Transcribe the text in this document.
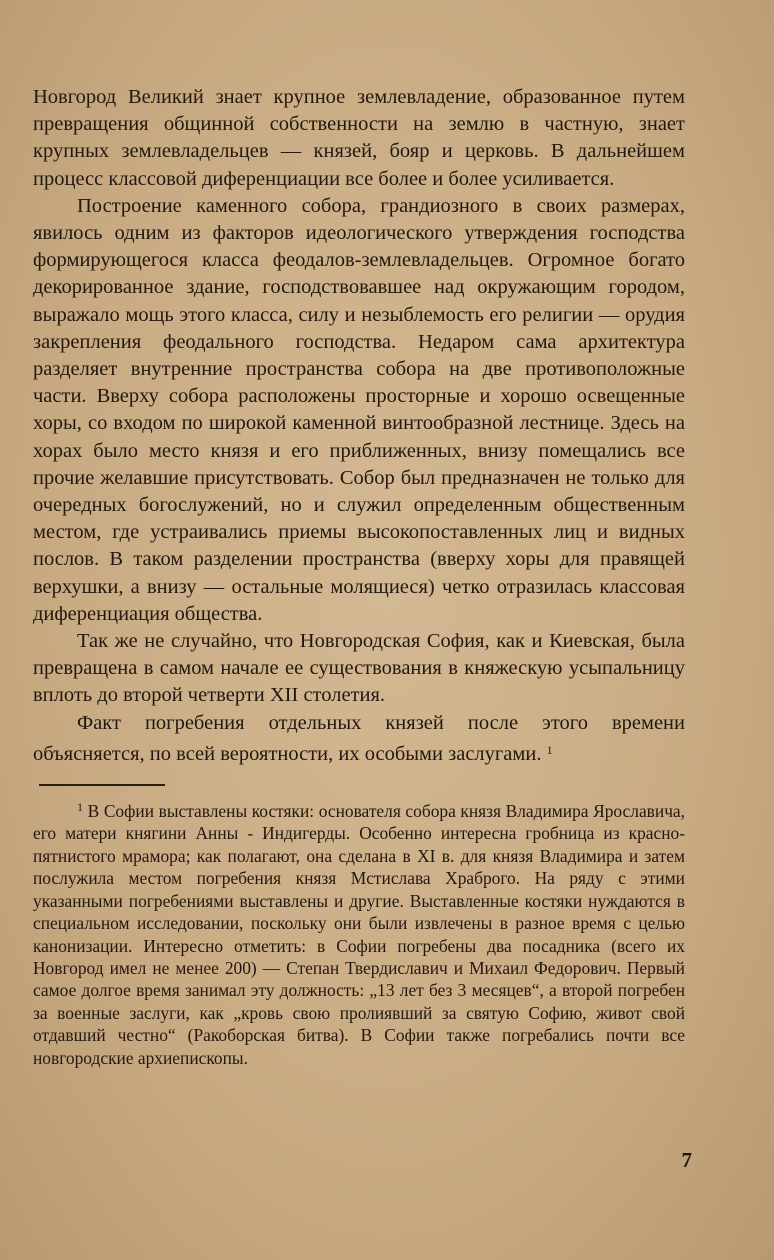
Новгород Великий знает крупное землевладение, образованное путем превращения общинной собственности на землю в частную, знает крупных землевладельцев — князей, бояр и церковь. В дальнейшем процесс классовой диференциации все более и более усиливается.

Построение каменного собора, грандиозного в своих размерах, явилось одним из факторов идеологического утверждения господства формирующегося класса феодалов-землевладельцев. Огромное богато декорированное здание, господствовавшее над окружающим городом, выражало мощь этого класса, силу и незыблемость его религии — орудия закрепления феодального господства. Недаром сама архитектура разделяет внутренние пространства собора на две противоположные части. Вверху собора расположены просторные и хорошо освещенные хоры, со входом по широкой каменной винтообразной лестнице. Здесь на хорах было место князя и его приближенных, внизу помещались все прочие желавшие присутствовать. Собор был предназначен не только для очередных богослужений, но и служил определенным общественным местом, где устраивались приемы высокопоставленных лиц и видных послов. В таком разделении пространства (вверху хоры для правящей верхушки, а внизу — остальные молящиеся) четко отразилась классовая диференциация общества.

Так же не случайно, что Новгородская София, как и Киевская, была превращена в самом начале ее существования в княжескую усыпальницу вплоть до второй четверти XII столетия.

Факт погребения отдельных князей после этого времени объясняется, по всей вероятности, их особыми заслугами. $^1$

$^1$ В Софии выставлены костяки: основателя собора князя Владимира Ярославича, его матери княгини Анны - Индигерды. Особенно интересна гробница из красно-пятнистого мрамора; как полагают, она сделана в XI в. для князя Владимира и затем послужила местом погребения князя Мстислава Храброго. На ряду с этими указанными погребениями выставлены и другие. Выставленные костяки нуждаются в специальном исследовании, поскольку они были извлечены в разное время с целью канонизации. Интересно отметить: в Софии погребены два посадника (всего их Новгород имел не менее 200) — Степан Твердиславич и Михаил Федорович. Первый самое долгое время занимал эту должность: „13 лет без 3 месяцев“, а второй погребен за военные заслуги, как „кровь свою пролиявший за святую Софию, живот свой отдавший честно“ (Ракоборская битва). В Софии также погребались почти все новгородские архиепископы.

7
